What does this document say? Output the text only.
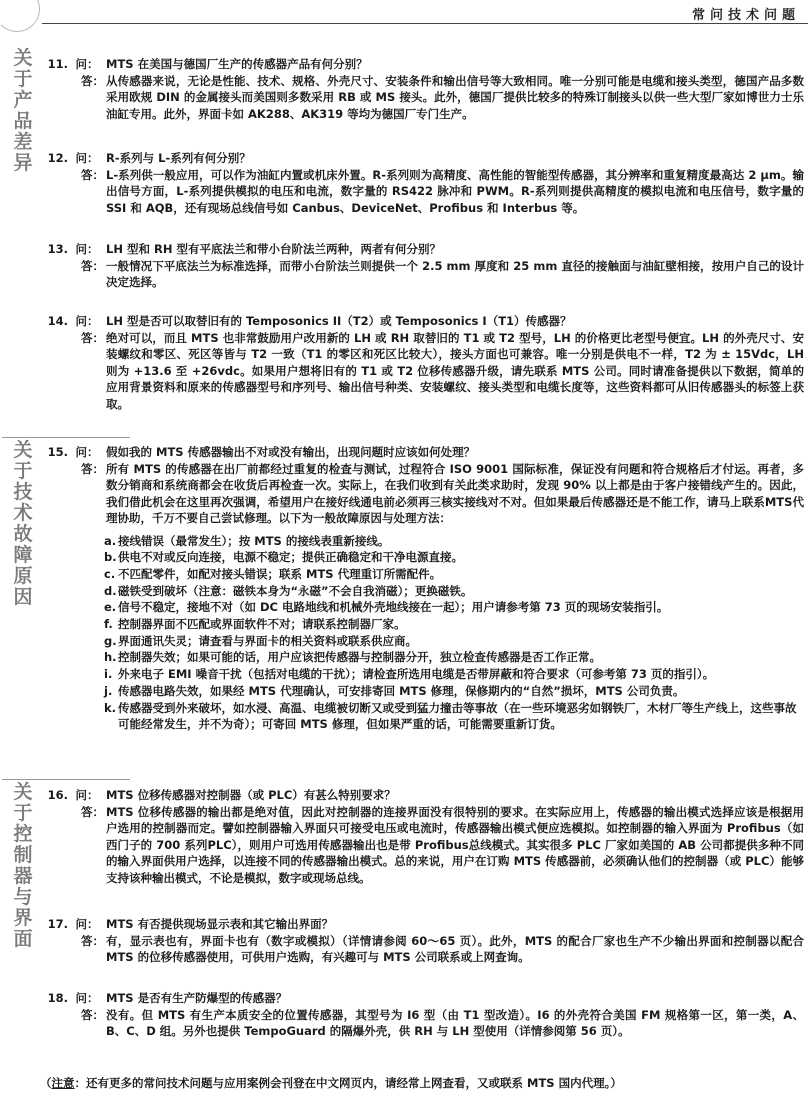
常问技术问题
关于产品差异
关于技术故障原因
关于控制器与界面
11. 问： MTS 在美国与德国厂生产的传感器产品有何分别？
答： 从传感器来说，无论是性能、技术、规格、外壳尺寸、安装条件和输出信号等大致相同。唯一分别可能是电缆和接头类型，德国产品多数采用欧规 DIN 的金属接头而美国则多数采用 RB 或 MS 接头。此外，德国厂提供比较多的特殊订制接头以供一些大型厂家如博世力士乐油缸专用。此外，界面卡如 AK288、AK319 等均为德国厂专门生产。
12. 问： R-系列与 L-系列有何分别？
答： L-系列供一般应用，可以作为油缸内置或机床外置。R-系列则为高精度、高性能的智能型传感器，其分辨率和重复精度最高达 2 μm。输出信号方面，L-系列提供模拟的电压和电流，数字量的 RS422 脉冲和 PWM。R-系列则提供高精度的模拟电流和电压信号，数字量的 SSI 和 AQB，还有现场总线信号如 Canbus、DeviceNet、Profibus 和 Interbus 等。
13. 问： LH 型和 RH 型有平底法兰和带小台阶法兰两种，两者有何分别？
答： 一般情况下平底法兰为标准选择，而带小台阶法兰则提供一个 2.5 mm 厚度和 25 mm 直径的接触面与油缸壁相接，按用户自己的设计决定选择。
14. 问： LH 型是否可以取替旧有的 Temposonics II（T2）或 Temposonics I（T1）传感器？
答： 绝对可以，而且 MTS 也非常鼓励用户改用新的 LH 或 RH 取替旧的 T1 或 T2 型号，LH 的价格更比老型号便宜。LH 的外壳尺寸、安装螺纹和零区、死区等皆与 T2 一致（T1 的零区和死区比较大），接头方面也可兼容。唯一分别是供电不一样，T2 为 ± 15Vdc，LH 则为 +13.6 至 +26vdc。如果用户想将旧有的 T1 或 T2 位移传感器升级，请先联系 MTS 公司。同时请准备提供以下数据，简单的应用背景资料和原来的传感器型号和序列号、输出信号种类、安装螺纹、接头类型和电缆长度等，这些资料都可从旧传感器头的标签上获取。
15. 问： 假如我的 MTS 传感器输出不对或没有输出，出现问题时应该如何处理？
答： 所有 MTS 的传感器在出厂前都经过重复的检查与测试，过程符合 ISO 9001 国际标准，保证没有问题和符合规格后才付运。再者，多数分销商和系统商都会在收货后再检查一次。实际上，在我们收到有关此类求助时，发现 90% 以上都是由于客户接错线产生的。因此，我们借此机会在这里再次强调，希望用户在接好线通电前必须再三核实接线对不对。但如果最后传感器还是不能工作，请马上联系MTS代理协助，千万不要自己尝试修理。以下为一般故障原因与处理方法：
a. 接线错误（最常发生）；按 MTS 的接线表重新接线。
b. 供电不对或反向连接，电源不稳定；提供正确稳定和干净电源直接。
c. 不匹配零件，如配对接头错误；联系 MTS 代理重订所需配件。
d. 磁铁受到破坏（注意：磁铁本身为“永磁”不会自我消磁）；更换磁铁。
e. 信号不稳定，接地不对（如 DC 电路地线和机械外壳地线接在一起）；用户请参考第 73 页的现场安装指引。
f. 控制器界面不匹配或界面软件不对；请联系控制器厂家。
g. 界面通讯失灵；请查看与界面卡的相关资料或联系供应商。
h. 控制器失效；如果可能的话，用户应该把传感器与控制器分开，独立检查传感器是否工作正常。
i. 外来电子 EMI 噪音干扰（包括对电缆的干扰）；请检查所选用电缆是否带屏蔽和符合要求（可参考第 73 页的指引）。
j. 传感器电路失效，如果经 MTS 代理确认，可安排寄回 MTS 修理，保修期内的“自然”损坏，MTS 公司负责。
k. 传感器受到外来破坏，如水浸、高温、电缆被切断又或受到猛力撞击等事故（在一些环境恶劣如钢铁厂，木材厂等生产线上，这些事故可能经常发生，并不为奇）；可寄回 MTS 修理，但如果严重的话，可能需要重新订货。
16. 问： MTS 位移传感器对控制器（或 PLC）有甚么特别要求？
答： MTS 位移传感器的输出都是绝对值，因此对控制器的连接界面没有很特别的要求。在实际应用上，传感器的输出模式选择应该是根据用户选用的控制器而定。譬如控制器输入界面只可接受电压或电流时，传感器输出模式便应选模拟。如控制器的输入界面为 Profibus（如西门子的 700 系列PLC），则用户可选用传感器输出也是带 Profibus总线模式。其实很多 PLC 厂家如美国的 AB 公司都提供多种不同的输入界面供用户选择，以连接不同的传感器输出模式。总的来说，用户在订购 MTS 传感器前，必须确认他们的控制器（或 PLC）能够支持该种输出模式，不论是模拟，数字或现场总线。
17. 问： MTS 有否提供现场显示表和其它输出界面？
答： 有，显示表也有，界面卡也有（数字或模拟）（详情请参阅 60～65 页）。此外，MTS 的配合厂家也生产不少输出界面和控制器以配合 MTS 的位移传感器使用，可供用户选购，有兴趣可与 MTS 公司联系或上网查询。
18. 问： MTS 是否有生产防爆型的传感器？
答： 没有。但 MTS 有生产本质安全的位置传感器，其型号为 I6 型（由 T1 型改造）。I6 的外壳符合美国 FM 规格第一区，第一类，A、B、C、D 组。另外也提供 TempoGuard 的隔爆外壳，供 RH 与 LH 型使用（详情参阅第 56 页）。
（注意：还有更多的常问技术问题与应用案例会刊登在中文网页内，请经常上网查看，又或联系 MTS 国内代理。）
